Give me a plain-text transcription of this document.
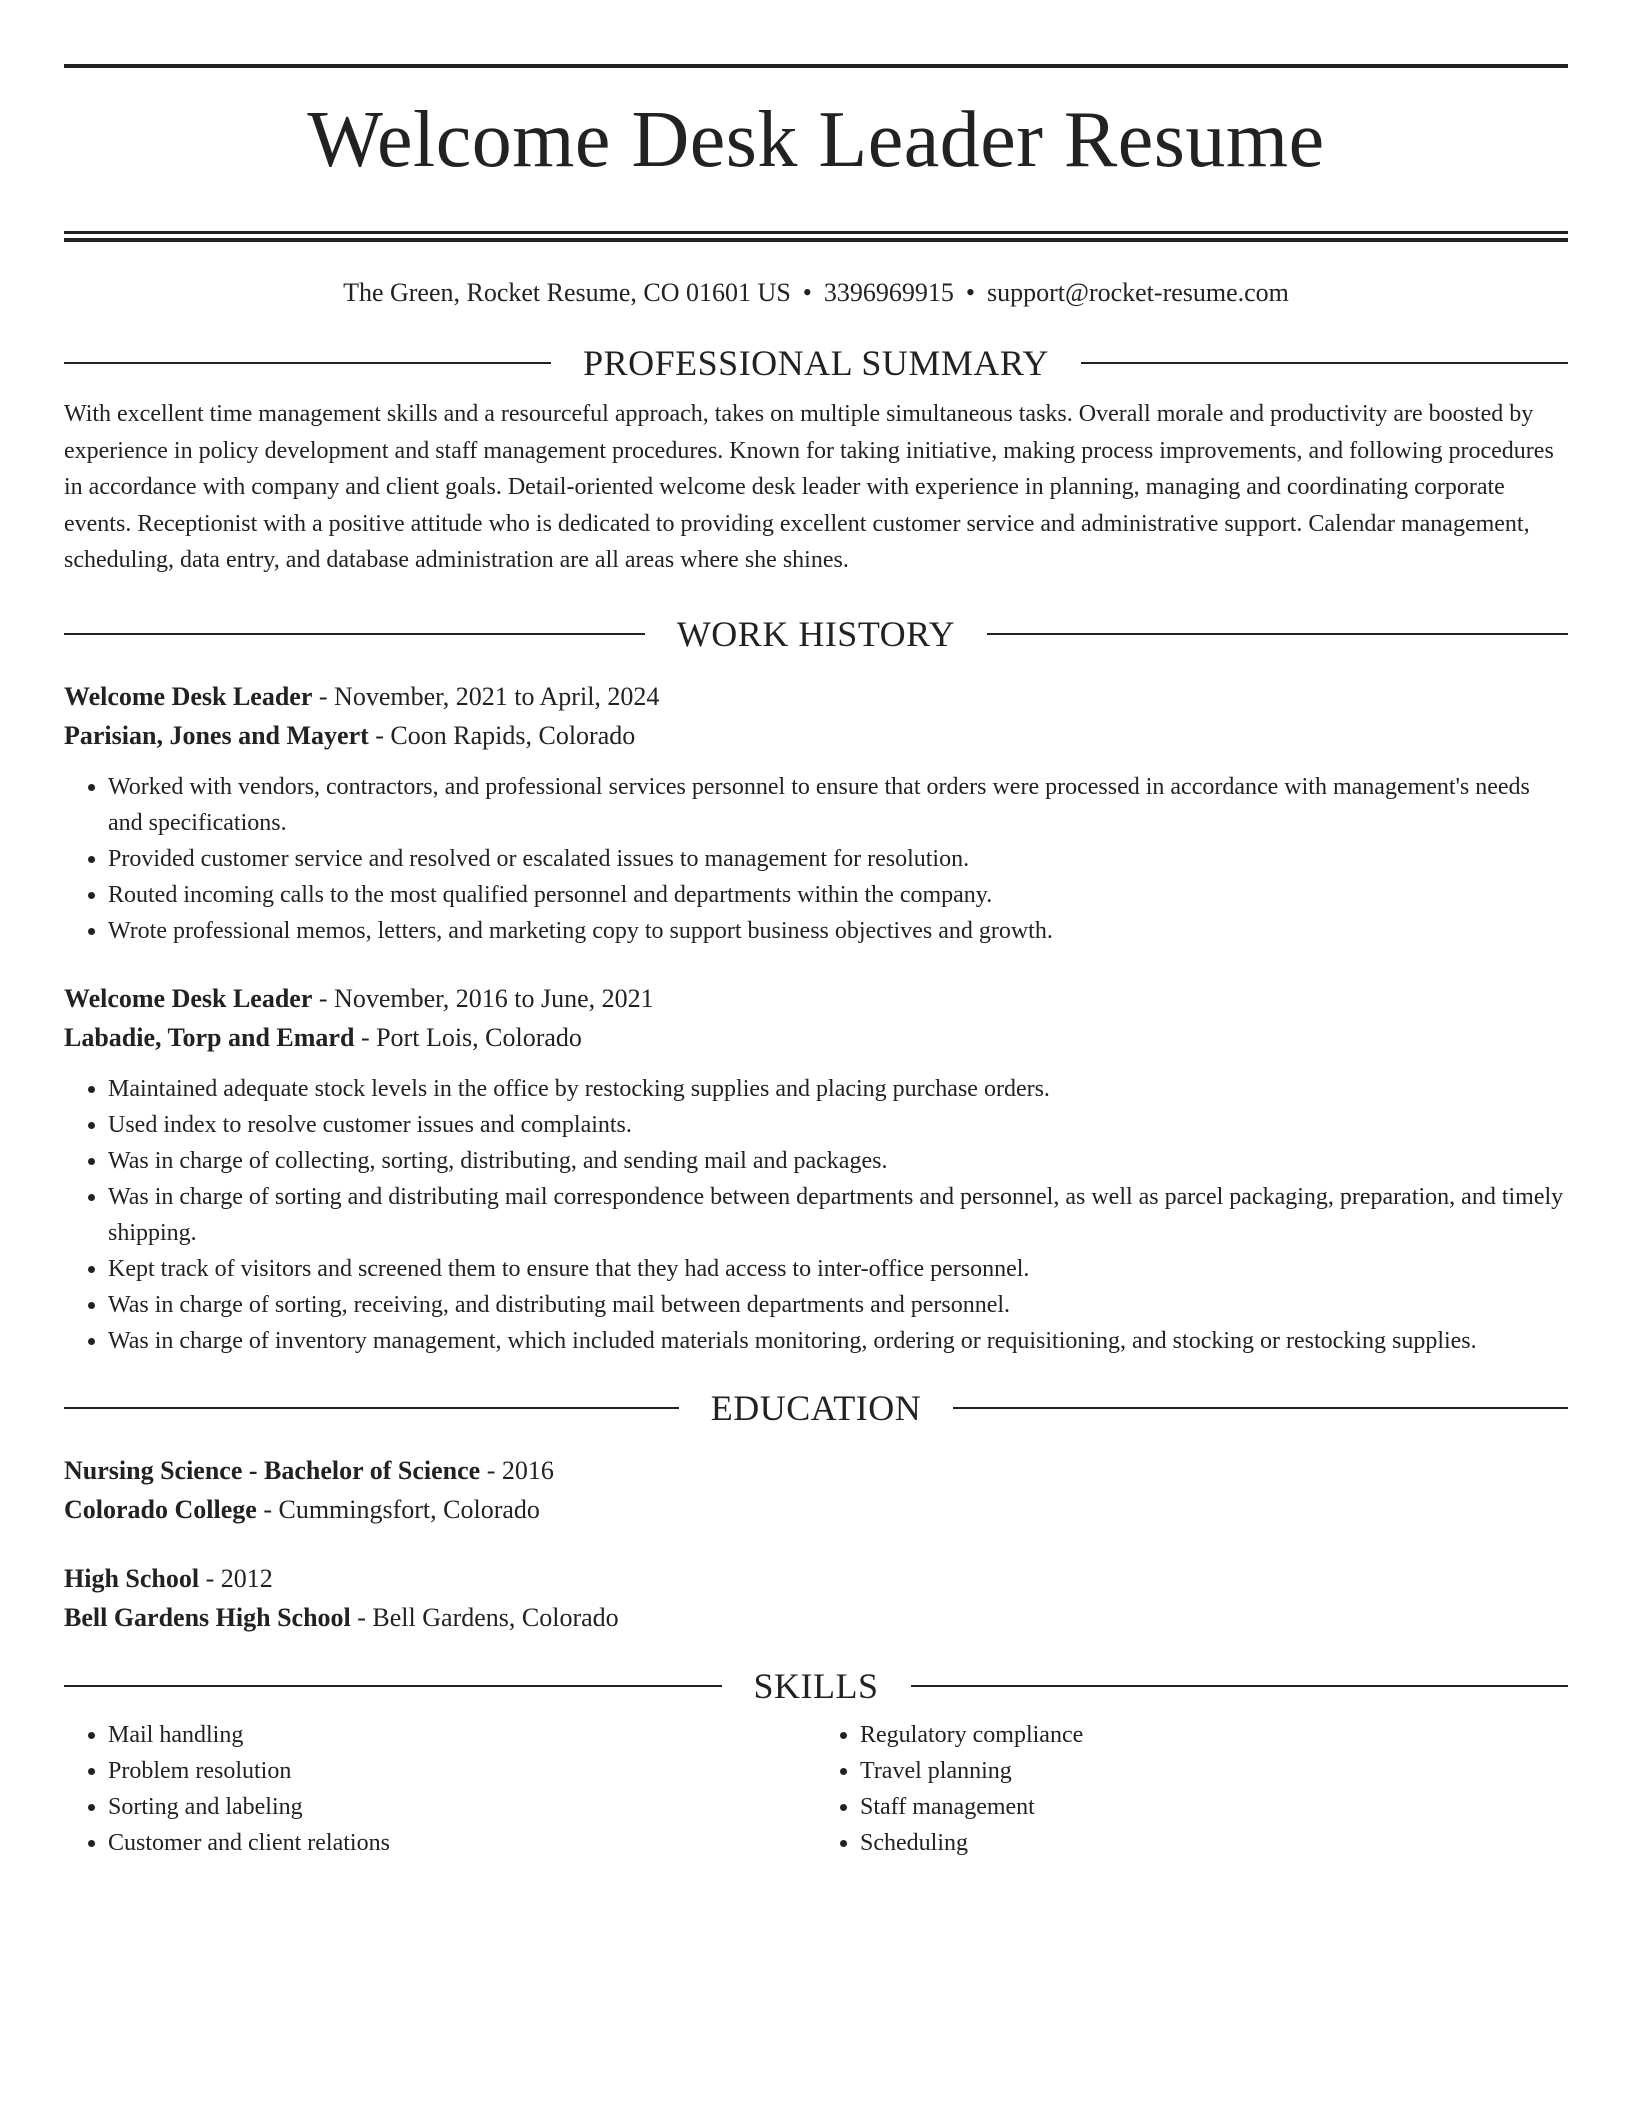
Welcome Desk Leader Resume
The Green, Rocket Resume, CO 01601 US • 3396969915 • support@rocket-resume.com
PROFESSIONAL SUMMARY

With excellent time management skills and a resourceful approach, takes on multiple simultaneous tasks. Overall morale and productivity are boosted by experience in policy development and staff management procedures. Known for taking initiative, making process improvements, and following procedures in accordance with company and client goals. Detail-oriented welcome desk leader with experience in planning, managing and coordinating corporate events. Receptionist with a positive attitude who is dedicated to providing excellent customer service and administrative support. Calendar management, scheduling, data entry, and database administration are all areas where she shines.

WORK HISTORY
Welcome Desk Leader - November, 2021 to April, 2024
Parisian, Jones and Mayert - Coon Rapids, Colorado
• Worked with vendors, contractors, and professional services personnel to ensure that orders were processed in accordance with management's needs and specifications.
• Provided customer service and resolved or escalated issues to management for resolution.
• Routed incoming calls to the most qualified personnel and departments within the company.
• Wrote professional memos, letters, and marketing copy to support business objectives and growth.
Welcome Desk Leader - November, 2016 to June, 2021
Labadie, Torp and Emard - Port Lois, Colorado
• Maintained adequate stock levels in the office by restocking supplies and placing purchase orders.
• Used index to resolve customer issues and complaints.
• Was in charge of collecting, sorting, distributing, and sending mail and packages.
• Was in charge of sorting and distributing mail correspondence between departments and personnel, as well as parcel packaging, preparation, and timely shipping.
• Kept track of visitors and screened them to ensure that they had access to inter-office personnel.
• Was in charge of sorting, receiving, and distributing mail between departments and personnel.
• Was in charge of inventory management, which included materials monitoring, ordering or requisitioning, and stocking or restocking supplies.
EDUCATION
Nursing Science - Bachelor of Science - 2016
Colorado College - Cummingsfort, Colorado
High School - 2012
Bell Gardens High School - Bell Gardens, Colorado
SKILLS
• Mail handling
• Problem resolution
• Sorting and labeling
• Customer and client relations
• Regulatory compliance
• Travel planning
• Staff management
• Scheduling
